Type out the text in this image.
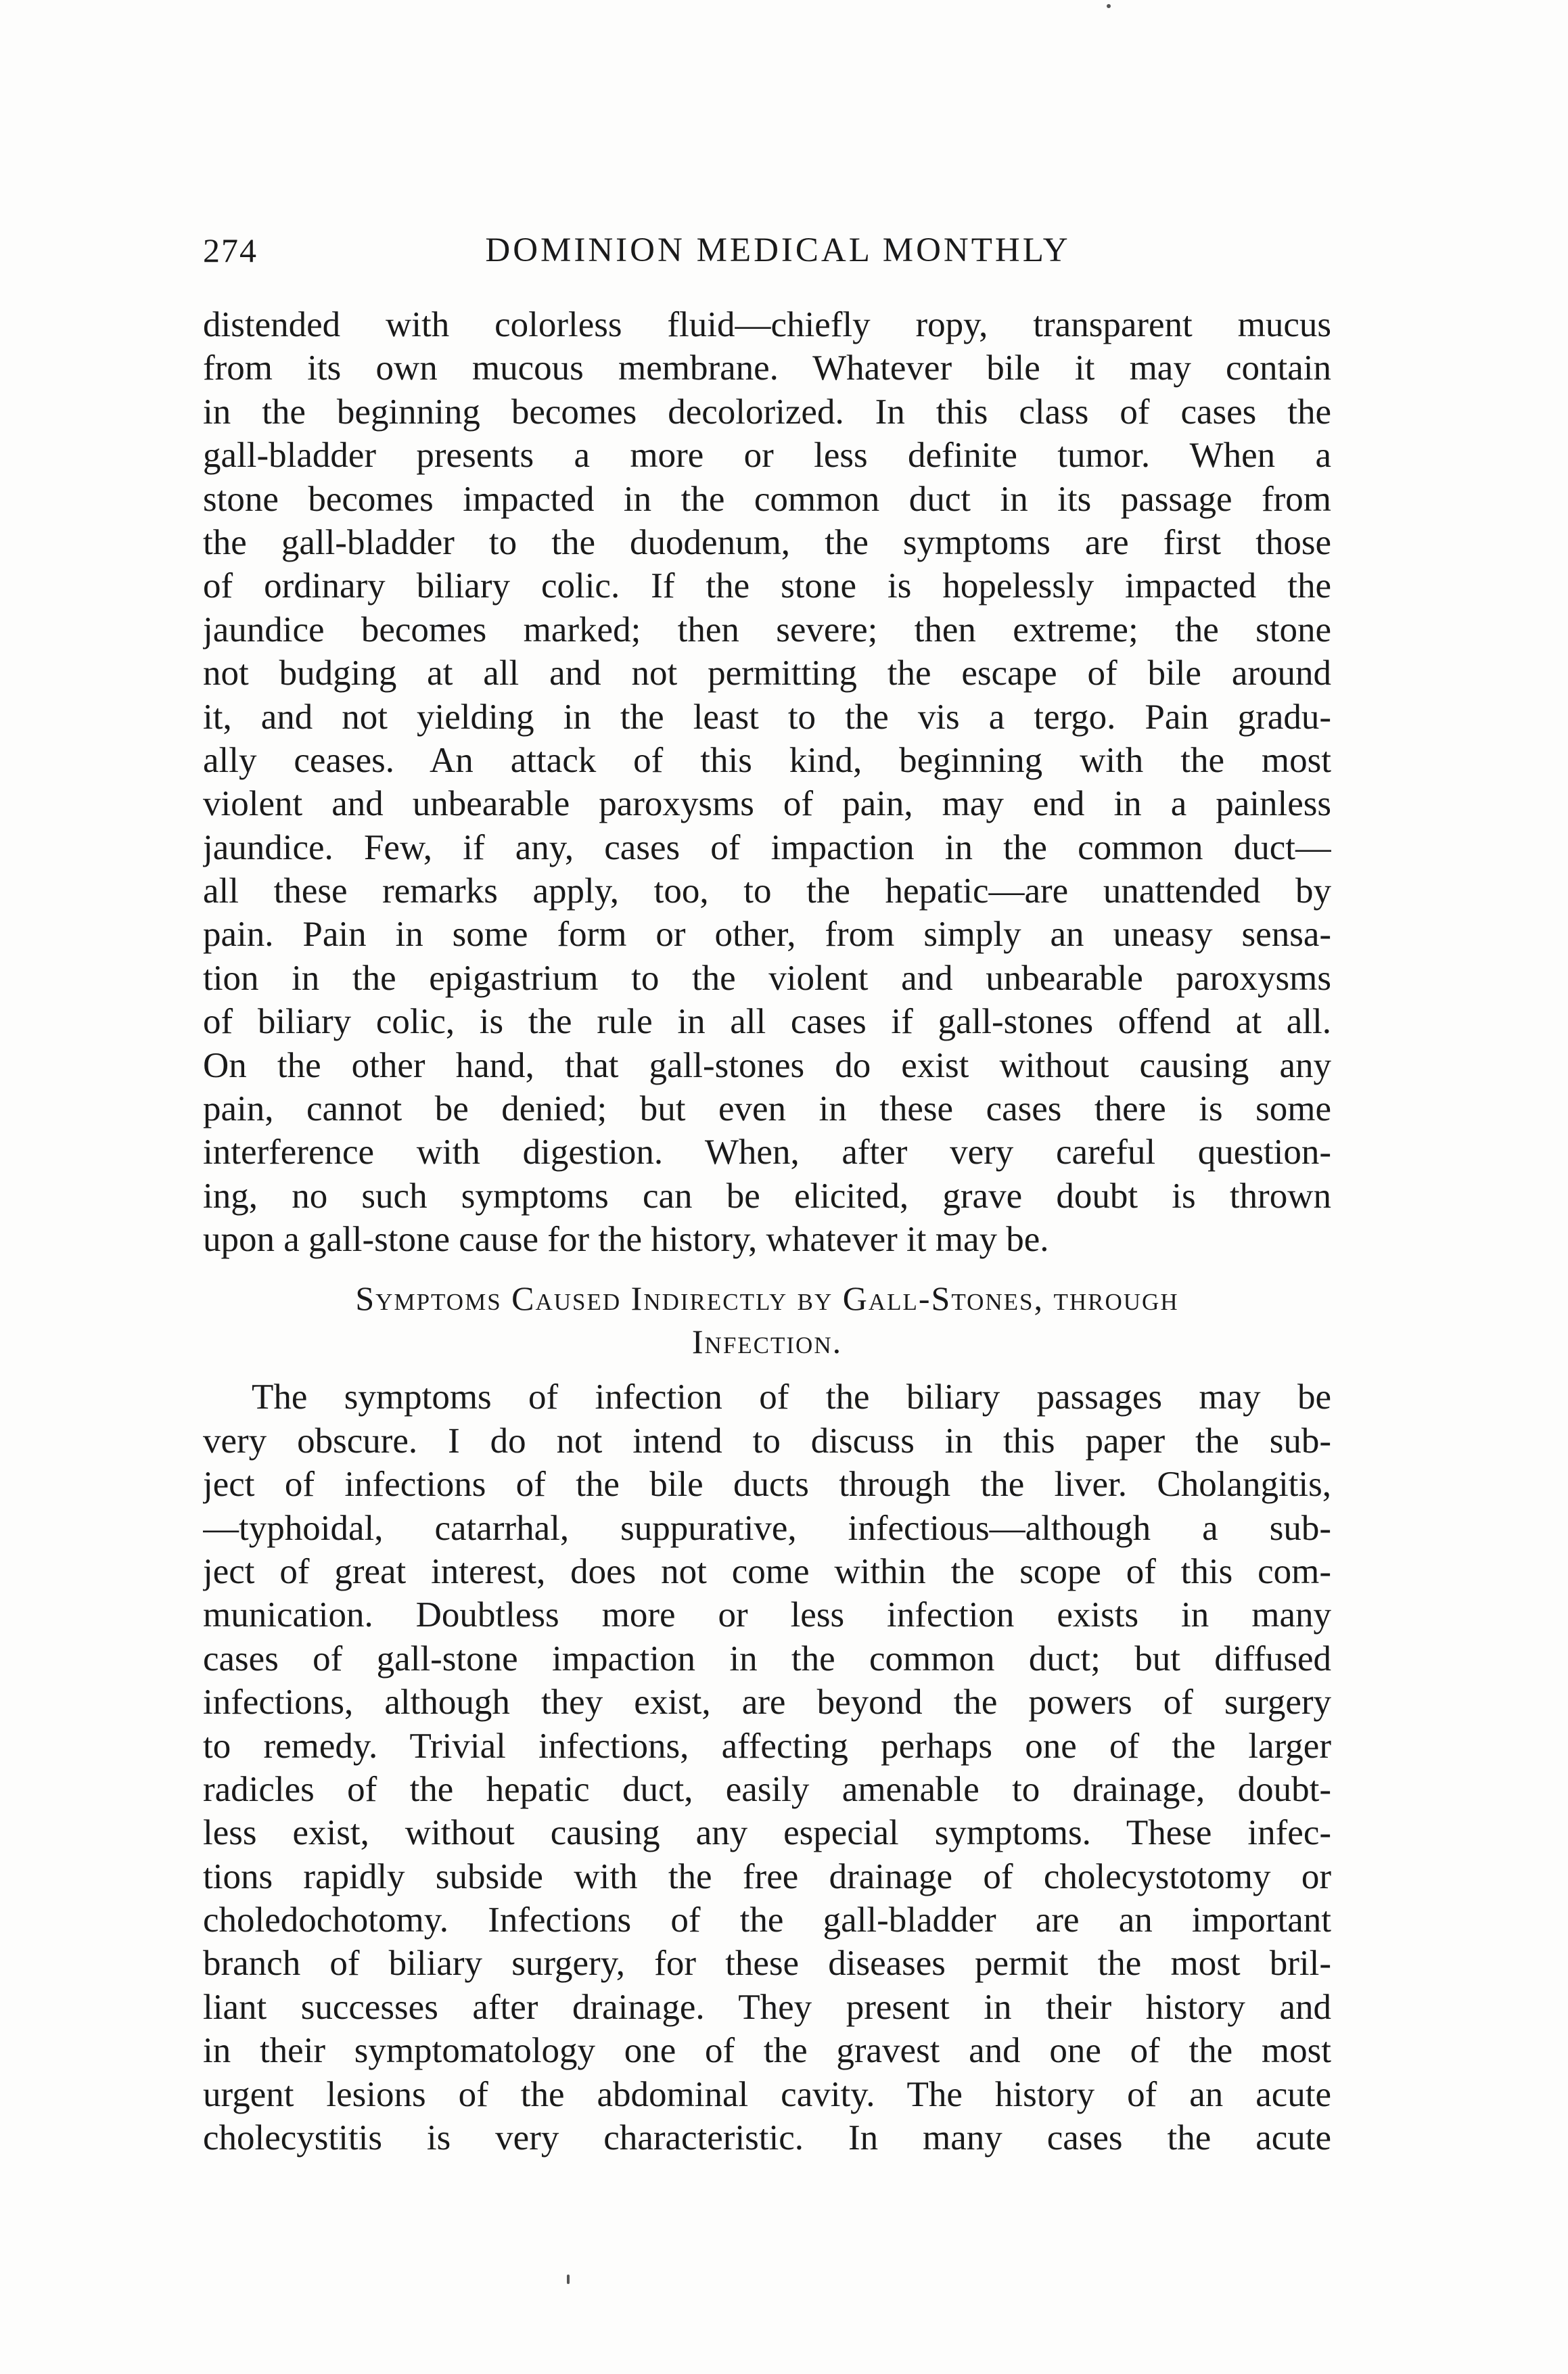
274	DOMINION MEDICAL MONTHLY
distended with colorless fluid—chiefly ropy, transparent mucus
from its own mucous membrane. Whatever bile it may contain
in the beginning becomes decolorized. In this class of cases the
gall-bladder presents a more or less definite tumor. When a
stone becomes impacted in the common duct in its passage from
the gall-bladder to the duodenum, the symptoms are first those
of ordinary biliary colic. If the stone is hopelessly impacted the
jaundice becomes marked; then severe; then extreme; the stone
not budging at all and not permitting the escape of bile around
it, and not yielding in the least to the vis a tergo. Pain gradu-
ally ceases. An attack of this kind, beginning with the most
violent and unbearable paroxysms of pain, may end in a painless
jaundice. Few, if any, cases of impaction in the common duct—
all these remarks apply, too, to the hepatic—are unattended by
pain. Pain in some form or other, from simply an uneasy sensa-
tion in the epigastrium to the violent and unbearable paroxysms
of biliary colic, is the rule in all cases if gall-stones offend at all.
On the other hand, that gall-stones do exist without causing any
pain, cannot be denied; but even in these cases there is some
interference with digestion. When, after very careful question-
ing, no such symptoms can be elicited, grave doubt is thrown
upon a gall-stone cause for the history, whatever it may be.
Symptoms Caused Indirectly by Gall-Stones, through
Infection.
The symptoms of infection of the biliary passages may be
very obscure. I do not intend to discuss in this paper the sub-
ject of infections of the bile ducts through the liver. Cholangitis,
—typhoidal, catarrhal, suppurative, infectious—although a sub-
ject of great interest, does not come within the scope of this com-
munication. Doubtless more or less infection exists in many
cases of gall-stone impaction in the common duct; but diffused
infections, although they exist, are beyond the powers of surgery
to remedy. Trivial infections, affecting perhaps one of the larger
radicles of the hepatic duct, easily amenable to drainage, doubt-
less exist, without causing any especial symptoms. These infec-
tions rapidly subside with the free drainage of cholecystotomy or
choledochotomy. Infections of the gall-bladder are an important
branch of biliary surgery, for these diseases permit the most bril-
liant successes after drainage. They present in their history and
in their symptomatology one of the gravest and one of the most
urgent lesions of the abdominal cavity. The history of an acute
cholecystitis is very characteristic. In many cases the acute
